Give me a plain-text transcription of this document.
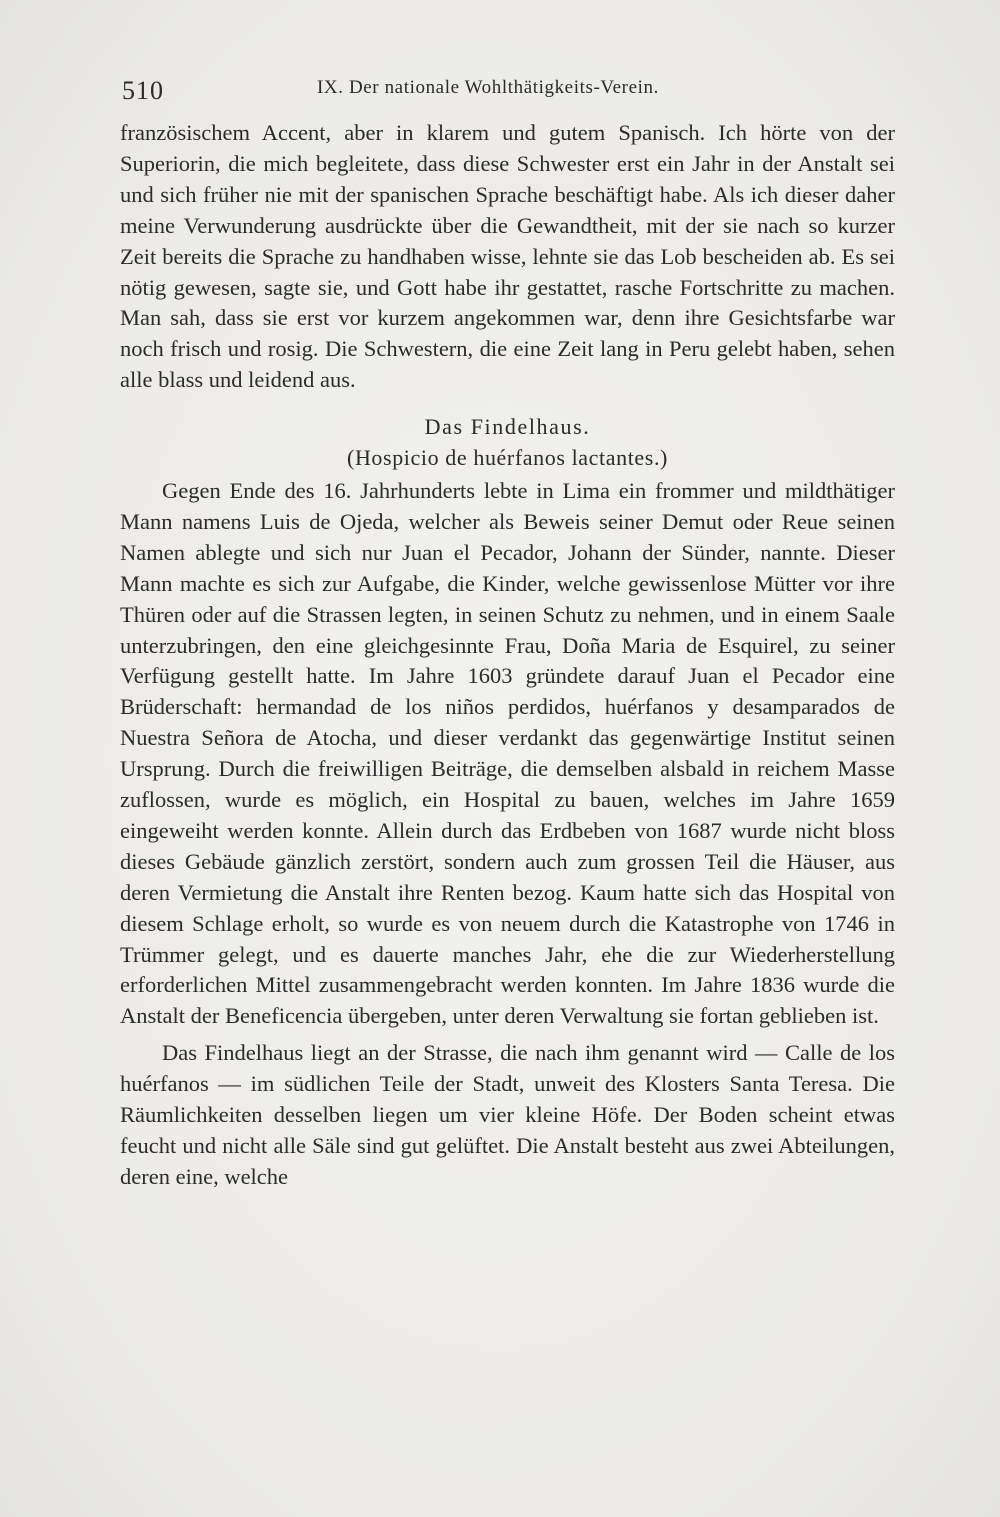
510	IX. Der nationale Wohlthätigkeits-Verein.

französischem Accent, aber in klarem und gutem Spanisch. Ich hörte von der Superiorin, die mich begleitete, dass diese Schwester erst ein Jahr in der Anstalt sei und sich früher nie mit der spanischen Sprache beschäftigt habe. Als ich dieser daher meine Verwunderung ausdrückte über die Gewandtheit, mit der sie nach so kurzer Zeit bereits die Sprache zu handhaben wisse, lehnte sie das Lob bescheiden ab. Es sei nötig gewesen, sagte sie, und Gott habe ihr gestattet, rasche Fortschritte zu machen. Man sah, dass sie erst vor kurzem angekommen war, denn ihre Gesichtsfarbe war noch frisch und rosig. Die Schwestern, die eine Zeit lang in Peru gelebt haben, sehen alle blass und leidend aus.

Das Findelhaus.
(Hospicio de huérfanos lactantes.)

Gegen Ende des 16. Jahrhunderts lebte in Lima ein frommer und mildthätiger Mann namens Luis de Ojeda, welcher als Beweis seiner Demut oder Reue seinen Namen ablegte und sich nur Juan el Pecador, Johann der Sünder, nannte. Dieser Mann machte es sich zur Aufgabe, die Kinder, welche gewissenlose Mütter vor ihre Thüren oder auf die Strassen legten, in seinen Schutz zu nehmen, und in einem Saale unterzubringen, den eine gleichgesinnte Frau, Doña Maria de Esquirel, zu seiner Verfügung gestellt hatte. Im Jahre 1603 gründete darauf Juan el Pecador eine Brüderschaft: hermandad de los niños perdidos, huérfanos y desamparados de Nuestra Señora de Atocha, und dieser verdankt das gegenwärtige Institut seinen Ursprung. Durch die freiwilligen Beiträge, die demselben alsbald in reichem Masse zuflossen, wurde es möglich, ein Hospital zu bauen, welches im Jahre 1659 eingeweiht werden konnte. Allein durch das Erdbeben von 1687 wurde nicht bloss dieses Gebäude gänzlich zerstört, sondern auch zum grossen Teil die Häuser, aus deren Vermietung die Anstalt ihre Renten bezog. Kaum hatte sich das Hospital von diesem Schlage erholt, so wurde es von neuem durch die Katastrophe von 1746 in Trümmer gelegt, und es dauerte manches Jahr, ehe die zur Wiederherstellung erforderlichen Mittel zusammengebracht werden konnten. Im Jahre 1836 wurde die Anstalt der Beneficencia übergeben, unter deren Verwaltung sie fortan geblieben ist.

Das Findelhaus liegt an der Strasse, die nach ihm genannt wird — Calle de los huérfanos — im südlichen Teile der Stadt, unweit des Klosters Santa Teresa. Die Räumlichkeiten desselben liegen um vier kleine Höfe. Der Boden scheint etwas feucht und nicht alle Säle sind gut gelüftet. Die Anstalt besteht aus zwei Abteilungen, deren eine, welche
